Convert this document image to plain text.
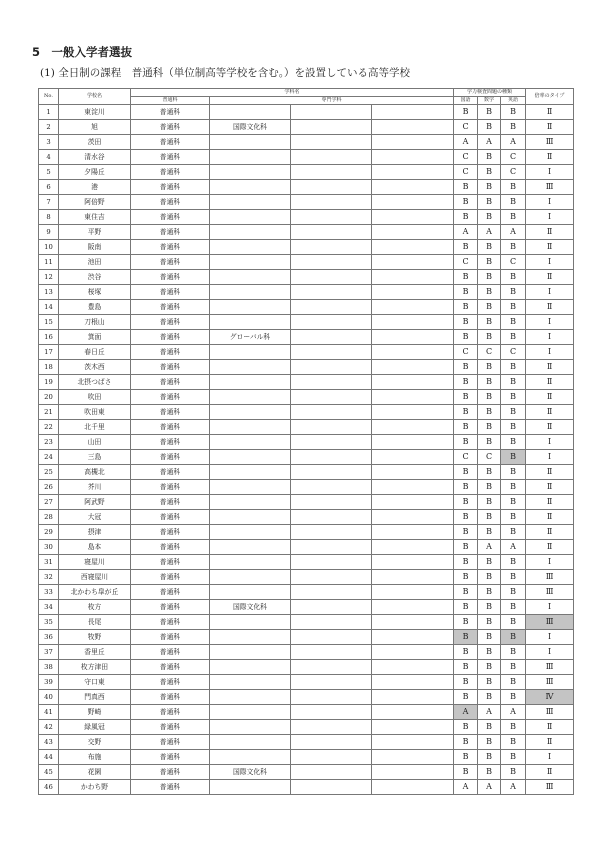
5　一般入学者選抜
(1) 全日制の課程　普通科（単位制高等学校を含む。）を設置している高等学校
No.	学校名	学科名				学力検査問題の種類			倍率のタイプ
		普通科	専門学科			国語	数学	英語	
1	東淀川	普通科				B	B	B	Ⅱ
2	旭	普通科	国際文化科			C	B	B	Ⅱ
3	茨田	普通科				A	A	A	Ⅲ
4	清水谷	普通科				C	B	C	Ⅱ
5	夕陽丘	普通科				C	B	C	Ⅰ
6	港	普通科				B	B	B	Ⅲ
7	阿倍野	普通科				B	B	B	Ⅰ
8	東住吉	普通科				B	B	B	Ⅰ
9	平野	普通科				A	A	A	Ⅱ
10	阪南	普通科				B	B	B	Ⅱ
11	池田	普通科				C	B	C	Ⅰ
12	渋谷	普通科				B	B	B	Ⅱ
13	桜塚	普通科				B	B	B	Ⅰ
14	豊島	普通科				B	B	B	Ⅱ
15	刀根山	普通科				B	B	B	Ⅰ
16	箕面	普通科	グローバル科			B	B	B	Ⅰ
17	春日丘	普通科				C	C	C	Ⅰ
18	茨木西	普通科				B	B	B	Ⅱ
19	北摂つばさ	普通科				B	B	B	Ⅱ
20	吹田	普通科				B	B	B	Ⅱ
21	吹田東	普通科				B	B	B	Ⅱ
22	北千里	普通科				B	B	B	Ⅱ
23	山田	普通科				B	B	B	Ⅰ
24	三島	普通科				C	C	B	Ⅰ
25	高槻北	普通科				B	B	B	Ⅱ
26	芥川	普通科				B	B	B	Ⅱ
27	阿武野	普通科				B	B	B	Ⅱ
28	大冠	普通科				B	B	B	Ⅱ
29	摂津	普通科				B	B	B	Ⅱ
30	島本	普通科				B	A	A	Ⅱ
31	寝屋川	普通科				B	B	B	Ⅰ
32	西寝屋川	普通科				B	B	B	Ⅲ
33	北かわち皐が丘	普通科				B	B	B	Ⅲ
34	枚方	普通科	国際文化科			B	B	B	Ⅰ
35	長尾	普通科				B	B	B	Ⅲ
36	牧野	普通科				B	B	B	Ⅰ
37	香里丘	普通科				B	B	B	Ⅰ
38	枚方津田	普通科				B	B	B	Ⅲ
39	守口東	普通科				B	B	B	Ⅲ
40	門真西	普通科				B	B	B	Ⅳ
41	野崎	普通科				A	A	A	Ⅲ
42	緑風冠	普通科				B	B	B	Ⅱ
43	交野	普通科				B	B	B	Ⅱ
44	布施	普通科				B	B	B	Ⅰ
45	花園	普通科	国際文化科			B	B	B	Ⅱ
46	かわち野	普通科				A	A	A	Ⅲ
